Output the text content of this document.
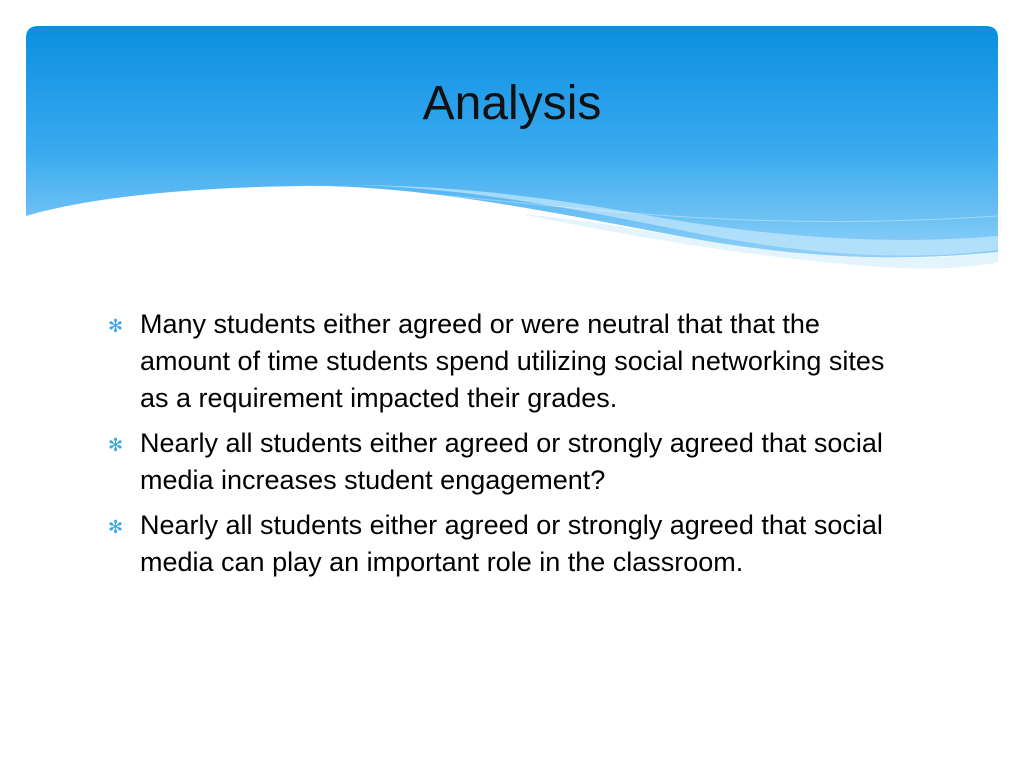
Analysis
✻ Many students either agreed or were neutral that that the amount of time students spend utilizing social networking sites as a requirement impacted their grades.
✻ Nearly all students either agreed or strongly agreed that social media increases student engagement?
✻ Nearly all students either agreed or strongly agreed that social media can play an important role in the classroom.
